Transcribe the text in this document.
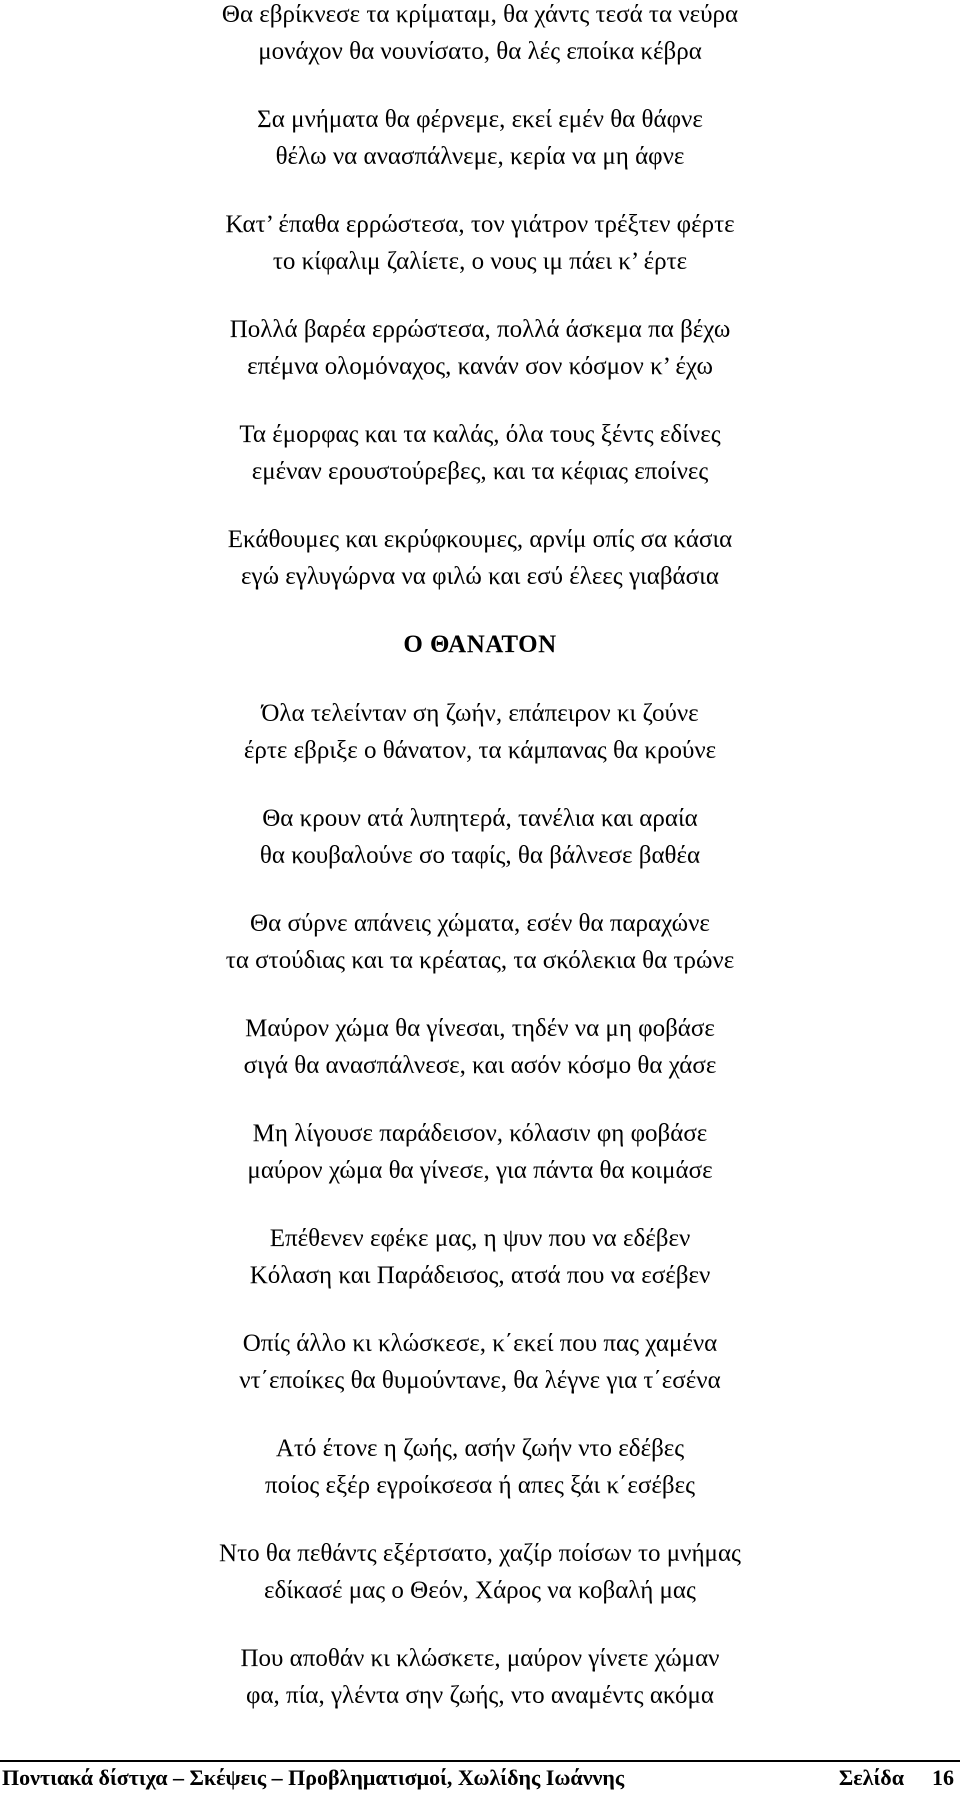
Θα εβρίκνεσε τα κρίματαμ, θα χάντς τεσά τα νεύρα
μονάχον θα νουνίσατο, θα λές εποίκα κέβρα
Σα μνήματα θα φέρνεμε, εκεί εμέν θα θάφνε
θέλω να ανασπάλνεμε, κερία να μη άφνε
Κατ’ έπαθα ερρώστεσα, τον γιάτρον τρέξτεν φέρτε
το κίφαλιμ ζαλίετε, ο νους ιμ πάει κ’ έρτε
Πολλά βαρέα ερρώστεσα, πολλά άσκεμα πα βέχω
επέμνα ολομόναχος, κανάν σον κόσμον κ’ έχω
Τα έμορφας και τα καλάς, όλα τους ξέντς εδίνες
εμέναν ερουστούρεβες, και τα κέφιας εποίνες
Εκάθουμες και εκρύφκουμες, αρνίμ οπίς σα κάσια
εγώ εγλυγώρνα να φιλώ και εσύ έλεες γιαβάσια
Ο ΘΑΝΑΤΟΝ
Όλα τελείνταν ση ζωήν, επάπειρον κι ζούνε
έρτε εβριξε ο θάνατον, τα κάμπανας θα κρούνε
Θα κρουν ατά λυπητερά, τανέλια και αραία
θα κουβαλούνε σο ταφίς, θα βάλνεσε βαθέα
Θα σύρνε απάνεις χώματα, εσέν θα παραχώνε
τα στούδιας και τα κρέατας, τα σκόλεκια θα τρώνε
Μαύρον χώμα θα γίνεσαι, τηδέν να μη φοβάσε
σιγά θα ανασπάλνεσε, και ασόν κόσμο θα χάσε
Μη λίγουσε παράδεισον, κόλασιν φη φοβάσε
μαύρον χώμα θα γίνεσε, για πάντα θα κοιμάσε
Επέθενεν εφέκε μας, η ψυν που να εδέβεν
Κόλαση και Παράδεισος, ατσά που να εσέβεν
Οπίς άλλο κι κλώσκεσε, κ΄εκεί που πας χαμένα
ντ΄εποίκες θα θυμούντανε, θα λέγνε για τ΄εσένα
Ατό έτονε η ζωής, ασήν ζωήν ντο εδέβες
ποίος εξέρ εγροίκσεσα ή απες ξάι κ΄εσέβες
Ντο θα πεθάντς εξέρτσατο, χαζίρ ποίσων το μνήμας
εδίκασέ μας ο Θεόν, Χάρος να κοβαλή μας
Που αποθάν κι κλώσκετε, μαύρον γίνετε χώμαν
φα, πία, γλέντα σην ζωής, ντο αναμέντς ακόμα
Ποντιακά δίστιχα – Σκέψεις – Προβληματισμοί, Χωλίδης Ιωάννης	Σελίδα 16
